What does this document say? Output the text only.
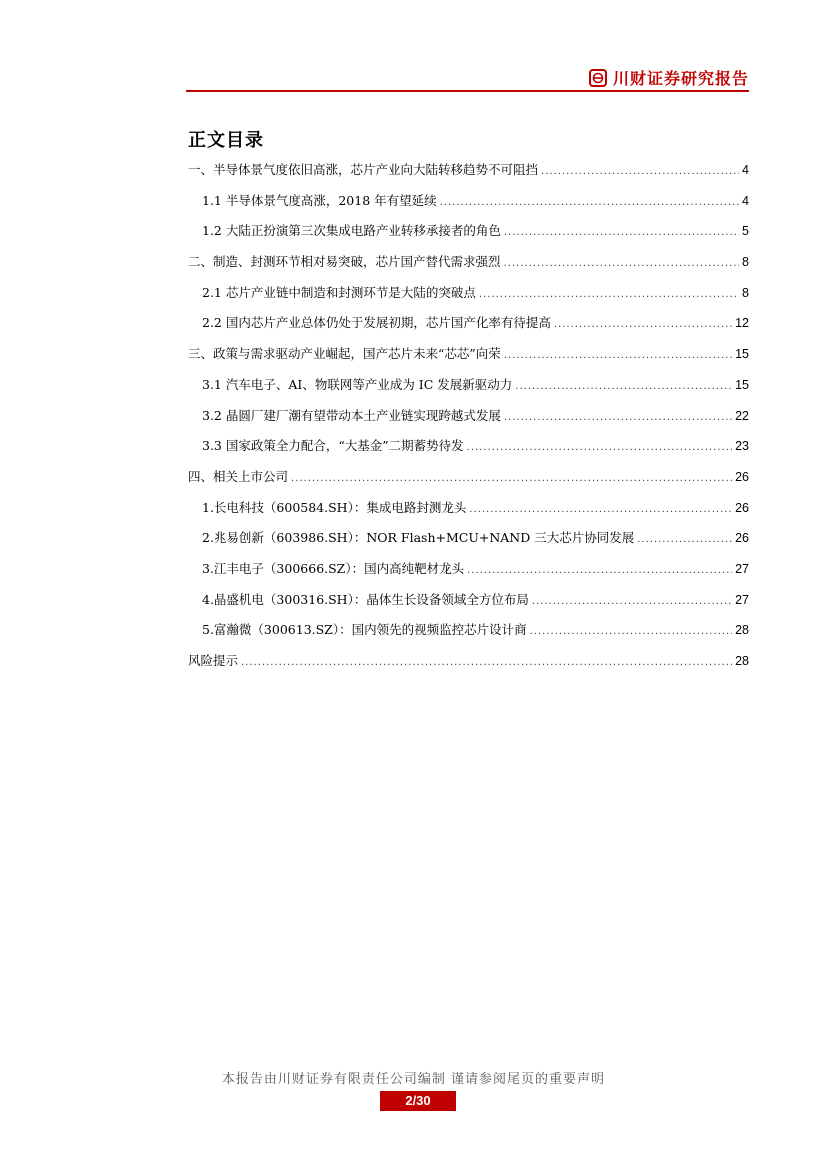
川财证券研究报告
正文目录
一、半导体景气度依旧高涨，芯片产业向大陆转移趋势不可阻挡 .....	4
1.1 半导体景气度高涨，2018 年有望延续 .....	4
1.2 大陆正扮演第三次集成电路产业转移承接者的角色 .....	5
二、制造、封测环节相对易突破，芯片国产替代需求强烈 .....	8
2.1 芯片产业链中制造和封测环节是大陆的突破点 .....	8
2.2 国内芯片产业总体仍处于发展初期，芯片国产化率有待提高 .....	12
三、政策与需求驱动产业崛起，国产芯片未来“芯芯”向荣 .....	15
3.1 汽车电子、AI、物联网等产业成为 IC 发展新驱动力 .....	15
3.2 晶圆厂建厂潮有望带动本土产业链实现跨越式发展 .....	22
3.3 国家政策全力配合，“大基金”二期蓄势待发 .....	23
四、相关上市公司 .....	26
1.长电科技（600584.SH）：集成电路封测龙头 .....	26
2.兆易创新（603986.SH）：NOR Flash+MCU+NAND 三大芯片协同发展 .....	26
3.江丰电子（300666.SZ）：国内高纯靶材龙头 .....	27
4.晶盛机电（300316.SH）：晶体生长设备领域全方位布局 .....	27
5.富瀚微（300613.SZ）：国内领先的视频监控芯片设计商 .....	28
风险提示 .....	28
本报告由川财证券有限责任公司编制 谨请参阅尾页的重要声明
2/30
